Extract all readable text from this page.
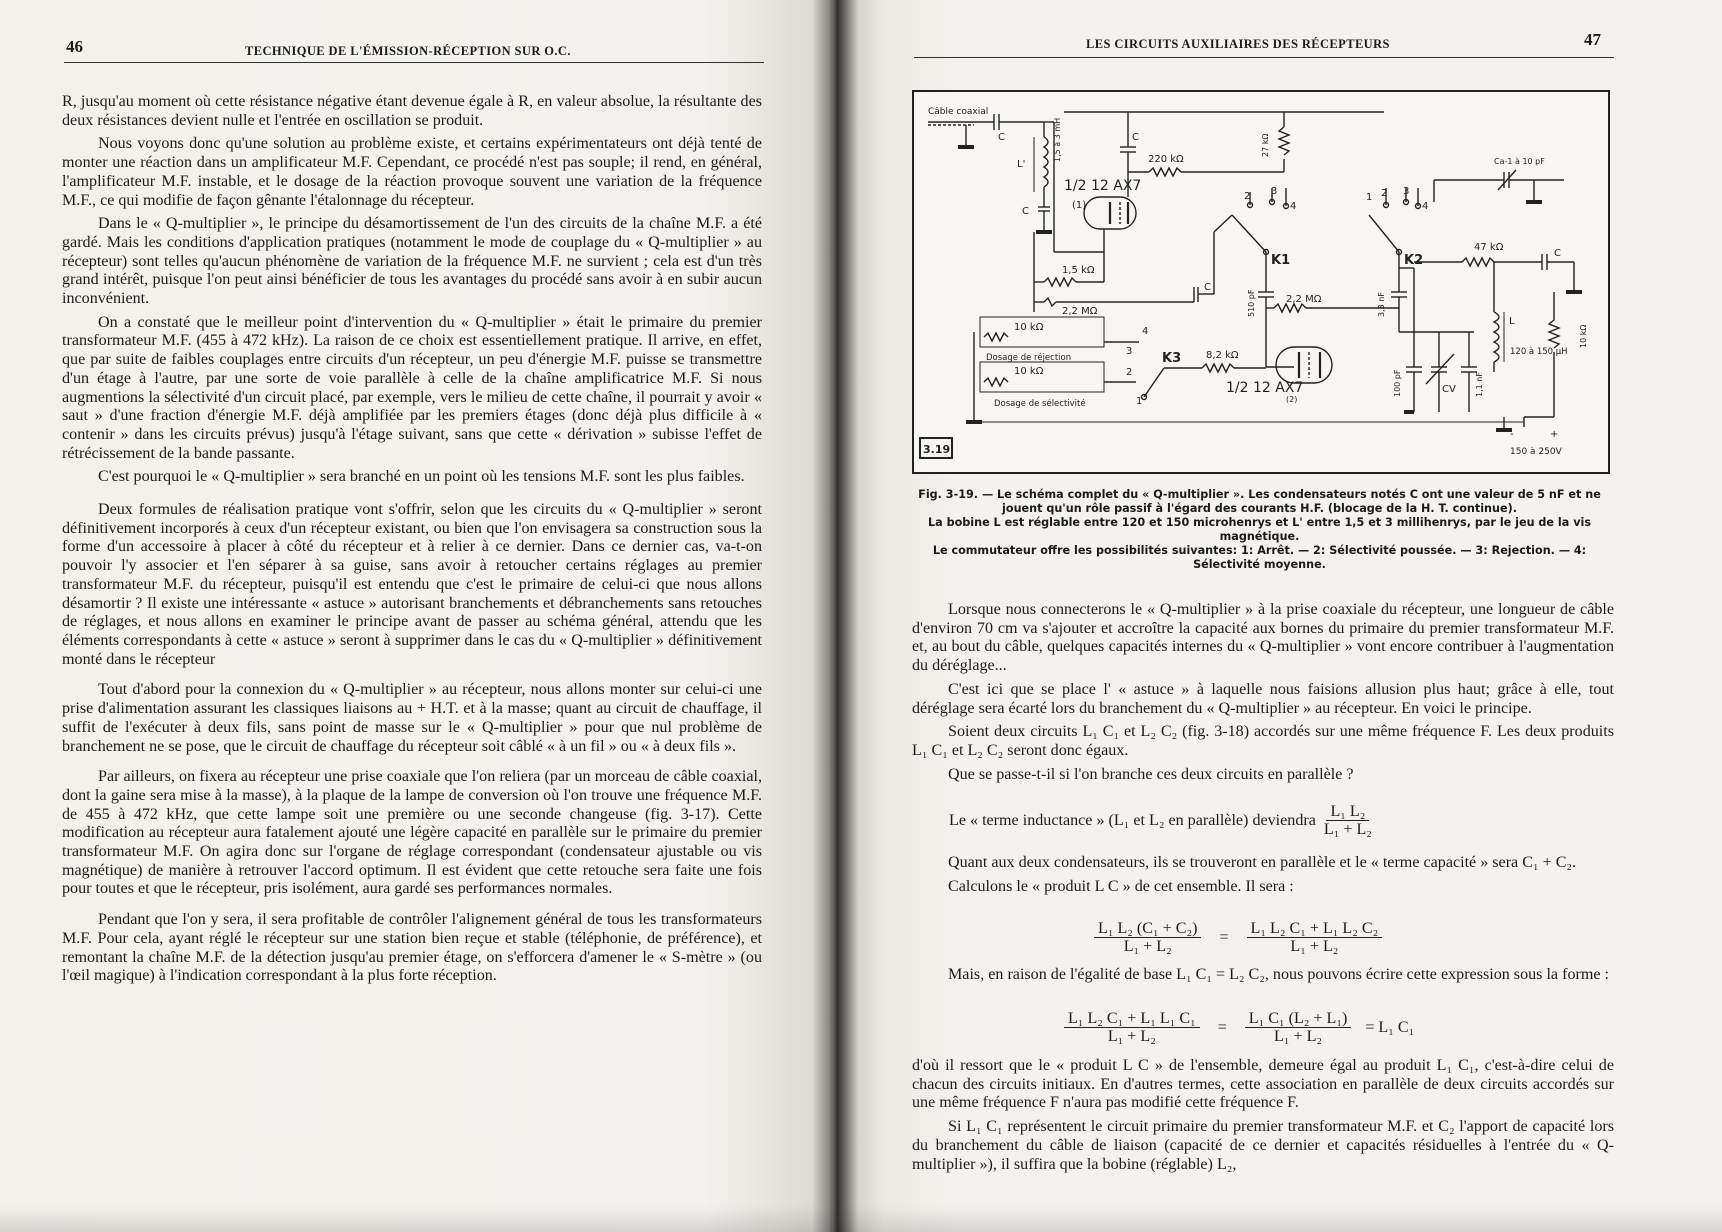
46	TECHNIQUE DE L'ÉMISSION-RÉCEPTION SUR O.C.

R, jusqu'au moment où cette résistance négative étant devenue égale à R, en valeur absolue, la résultante des deux résistances devient nulle et l'entrée en oscillation se produit.

Nous voyons donc qu'une solution au problème existe, et certains expérimentateurs ont déjà tenté de monter une réaction dans un amplificateur M.F. Cependant, ce procédé n'est pas souple; il rend, en général, l'amplificateur M.F. instable, et le dosage de la réaction provoque souvent une variation de la fréquence M.F., ce qui modifie de façon gênante l'étalonnage du récepteur.

Dans le « Q-multiplier », le principe du désamortissement de l'un des circuits de la chaîne M.F. a été gardé. Mais les conditions d'application pratiques (notamment le mode de couplage du « Q-multiplier » au récepteur) sont telles qu'aucun phénomène de variation de la fréquence M.F. ne survient ; cela est d'un très grand intérêt, puisque l'on peut ainsi bénéficier de tous les avantages du procédé sans avoir à en subir aucun inconvénient.

On a constaté que le meilleur point d'intervention du « Q-multiplier » était le primaire du premier transformateur M.F. (455 à 472 kHz). La raison de ce choix est essentiellement pratique. Il arrive, en effet, que par suite de faibles couplages entre circuits d'un récepteur, un peu d'énergie M.F. puisse se transmettre d'un étage à l'autre, par une sorte de voie parallèle à celle de la chaîne amplificatrice M.F. Si nous augmentions la sélectivité d'un circuit placé, par exemple, vers le milieu de cette chaîne, il pourrait y avoir « saut » d'une fraction d'énergie M.F. déjà amplifiée par les premiers étages (donc déjà plus difficile à « contenir » dans les circuits prévus) jusqu'à l'étage suivant, sans que cette « dérivation » subisse l'effet de rétrécissement de la bande passante.

C'est pourquoi le « Q-multiplier » sera branché en un point où les tensions M.F. sont les plus faibles.

Deux formules de réalisation pratique vont s'offrir, selon que les circuits du « Q-multiplier » seront définitivement incorporés à ceux d'un récepteur existant, ou bien que l'on envisagera sa construction sous la forme d'un accessoire à placer à côté du récepteur et à relier à ce dernier. Dans ce dernier cas, va-t-on pouvoir l'y associer et l'en séparer à sa guise, sans avoir à retoucher certains réglages au premier transformateur M.F. du récepteur, puisqu'il est entendu que c'est le primaire de celui-ci que nous allons désamortir ? Il existe une intéressante « astuce » autorisant branchements et débranchements sans retouches de réglages, et nous allons en examiner le principe avant de passer au schéma général, attendu que les éléments correspondants à cette « astuce » seront à supprimer dans le cas du « Q-multiplier » définitivement monté dans le récepteur

Tout d'abord pour la connexion du « Q-multiplier » au récepteur, nous allons monter sur celui-ci une prise d'alimentation assurant les classiques liaisons au + H.T. et à la masse; quant au circuit de chauffage, il suffit de l'exécuter à deux fils, sans point de masse sur le « Q-multiplier » pour que nul problème de branchement ne se pose, que le circuit de chauffage du récepteur soit câblé « à un fil » ou « à deux fils ».

Par ailleurs, on fixera au récepteur une prise coaxiale que l'on reliera (par un morceau de câble coaxial, dont la gaine sera mise à la masse), à la plaque de la lampe de conversion où l'on trouve une fréquence M.F. de 455 à 472 kHz, que cette lampe soit une première ou une seconde changeuse (fig. 3-17). Cette modification au récepteur aura fatalement ajouté une légère capacité en parallèle sur le primaire du premier transformateur M.F. On agira donc sur l'organe de réglage correspondant (condensateur ajustable ou vis magnétique) de manière à retrouver l'accord optimum. Il est évident que cette retouche sera faite une fois pour toutes et que le récepteur, pris isolément, aura gardé ses performances normales.

Pendant que l'on y sera, il sera profitable de contrôler l'alignement général de tous les transformateurs M.F. Pour cela, ayant réglé le récepteur sur une station bien reçue et stable (téléphonie, de préférence), et remontant la chaîne M.F. de la détection jusqu'au premier étage, on s'efforcera d'amener le « S-mètre » (ou l'œil magique) à l'indication correspondant à la plus forte réception.

LES CIRCUITS AUXILIAIRES DES RÉCEPTEURS	47
Câble coaxial
C
L'
1,5 à 3 mH
C
1/2 12 AX7
(1)
220 kΩ
C	27 kΩ
2 3
4
K1
1 2 3
4
K2
Ca-1 à 10 pF
1,5 kΩ
2,2 MΩ
C
510 pF	2,2 MΩ	3,3 nF
1/2 12 AX7
(2)
8,2 kΩ
K3
4
3
2
1
10 kΩ
Dosage de réjection
10 kΩ
Dosage de sélectivité
100 pF	CV 1,1 nF
47 kΩ
C
L
120 à 150 µH
10 kΩ
-	+
150 à 250V
3.19
Fig. 3-19. — Le schéma complet du « Q-multiplier ». Les condensateurs notés C ont une valeur de 5 nF et ne jouent qu'un rôle passif à l'égard des courants H.F. (blocage de la H. T. continue).
La bobine L est réglable entre 120 et 150 microhenrys et L' entre 1,5 et 3 millihenrys, par le jeu de la vis magnétique.
Le commutateur offre les possibilités suivantes: 1: Arrêt. — 2: Sélectivité poussée. — 3: Rejection. — 4: Sélectivité moyenne.

Lorsque nous connecterons le « Q-multiplier » à la prise coaxiale du récepteur, une longueur de câble d'environ 70 cm va s'ajouter et accroître la capacité aux bornes du primaire du premier transformateur M.F. et, au bout du câble, quelques capacités internes du « Q-multiplier » vont encore contribuer à l'augmentation du déréglage...

C'est ici que se place l' « astuce » à laquelle nous faisions allusion plus haut; grâce à elle, tout déréglage sera écarté lors du branchement du « Q-multiplier » au récepteur. En voici le principe.

Soient deux circuits L₁ C₁ et L₂ C₂ (fig. 3-18) accordés sur une même fréquence F. Les deux produits L₁ C₁ et L₂ C₂ seront donc égaux.

Que se passe-t-il si l'on branche ces deux circuits en parallèle ?

Le « terme inductance » (L₁ et L₂ en parallèle) deviendra $\frac{\text{L₁ L₂}}{\text{L₁ + L₂}}$

Quant aux deux condensateurs, ils se trouveront en parallèle et le « terme capacité » sera C₁ + C₂.

Calculons le « produit L C » de cet ensemble. Il sera :

$\frac{\text{L₁ L₂ (C₁ + C₂)}}{\text{L₁ + L₂}} = \frac{\text{L₁ L₂ C₁ + L₁ L₂ C₂}}{\text{L₁ + L₂}}$

Mais, en raison de l'égalité de base L₁ C₁ = L₂ C₂, nous pouvons écrire cette expression sous la forme :

$\frac{\text{L₁ L₂ C₁ + L₁ L₁ C₁}}{\text{L₁ + L₂}} = \frac{\text{L₁ C₁ (L₂ + L₁)}}{\text{L₁ + L₂}} = L_1$ C₁

d'où il ressort que le « produit L C » de l'ensemble, demeure égal au produit L₁ C₁, c'est-à-dire celui de chacun des circuits initiaux. En d'autres termes, cette association en parallèle de deux circuits accordés sur une même fréquence F n'aura pas modifié cette fréquence F.

Si L₁ C₁ représentent le circuit primaire du premier transformateur M.F. et C₂ l'apport de capacité lors du branchement du câble de liaison (capacité de ce dernier et capacités résiduelles à l'entrée du « Q-multiplier »), il suffira que la bobine (réglable) L₂,
